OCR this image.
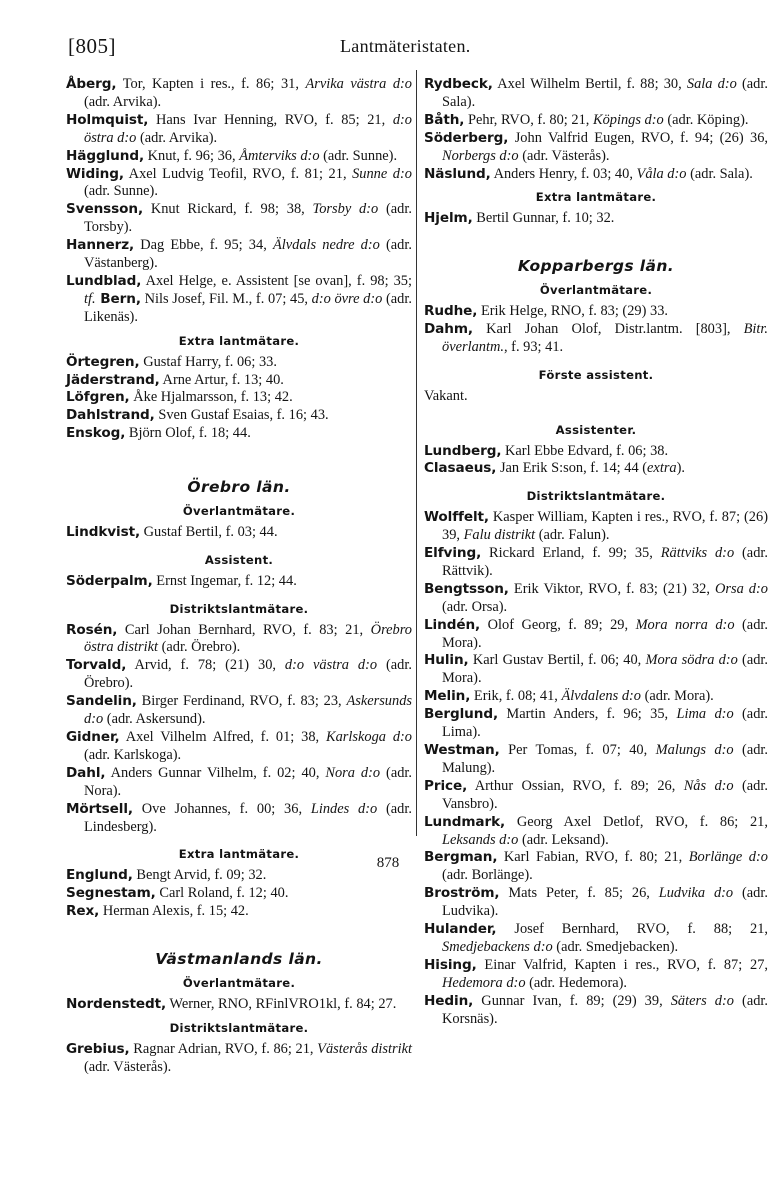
[805]	Lantmäteristaten.
Åberg, Tor, Kapten i res., f. 86; 31, Arvika västra d:o (adr. Arvika).
Holmquist, Hans Ivar Henning, RVO, f. 85; 21, d:o östra d:o (adr. Arvika).
Hägglund, Knut, f. 96; 36, Åmterviks d:o (adr. Sunne).
Widing, Axel Ludvig Teofil, RVO, f. 81; 21, Sunne d:o (adr. Sunne).
Svensson, Knut Rickard, f. 98; 38, Torsby d:o (adr. Torsby).
Hannerz, Dag Ebbe, f. 95; 34, Älvdals nedre d:o (adr. Västanberg).
Lundblad, Axel Helge, e. Assistent [se ovan], f. 98; 35; tf. Bern, Nils Josef, Fil. M., f. 07; 45, d:o övre d:o (adr. Likenäs).
Extra lantmätare.
Örtegren, Gustaf Harry, f. 06; 33.
Jäderstrand, Arne Artur, f. 13; 40.
Löfgren, Åke Hjalmarsson, f. 13; 42.
Dahlstrand, Sven Gustaf Esaias, f. 16; 43.
Enskog, Björn Olof, f. 18; 44.
Örebro län.
Överlantmätare.
Lindkvist, Gustaf Bertil, f. 03; 44.
Assistent.
Söderpalm, Ernst Ingemar, f. 12; 44.
Distriktslantmätare.
Rosén, Carl Johan Bernhard, RVO, f. 83; 21, Örebro östra distrikt (adr. Örebro).
Torvald, Arvid, f. 78; (21) 30, d:o västra d:o (adr. Örebro).
Sandelin, Birger Ferdinand, RVO, f. 83; 23, Askersunds d:o (adr. Askersund).
Gidner, Axel Vilhelm Alfred, f. 01; 38, Karlskoga d:o (adr. Karlskoga).
Dahl, Anders Gunnar Vilhelm, f. 02; 40, Nora d:o (adr. Nora).
Mörtsell, Ove Johannes, f. 00; 36, Lindes d:o (adr. Lindesberg).
Extra lantmätare.
Englund, Bengt Arvid, f. 09; 32.
Segnestam, Carl Roland, f. 12; 40.
Rex, Herman Alexis, f. 15; 42.
Västmanlands län.
Överlantmätare.
Nordenstedt, Werner, RNO, RFinlVRO1kl, f. 84; 27.
Distriktslantmätare.
Grebius, Ragnar Adrian, RVO, f. 86; 21, Västerås distrikt (adr. Västerås).
Rydbeck, Axel Wilhelm Bertil, f. 88; 30, Sala d:o (adr. Sala).
Båth, Pehr, RVO, f. 80; 21, Köpings d:o (adr. Köping).
Söderberg, John Valfrid Eugen, RVO, f. 94; (26) 36, Norbergs d:o (adr. Västerås).
Näslund, Anders Henry, f. 03; 40, Våla d:o (adr. Sala).
Extra lantmätare.
Hjelm, Bertil Gunnar, f. 10; 32.
Kopparbergs län.
Överlantmätare.
Rudhe, Erik Helge, RNO, f. 83; (29) 33.
Dahm, Karl Johan Olof, Distr.lantm. [803], Bitr. överlantm., f. 93; 41.
Förste assistent.
Vakant.
Assistenter.
Lundberg, Karl Ebbe Edvard, f. 06; 38.
Clasaeus, Jan Erik S:son, f. 14; 44 (extra).
Distriktslantmätare.
Wolffelt, Kasper William, Kapten i res., RVO, f. 87; (26) 39, Falu distrikt (adr. Falun).
Elfving, Rickard Erland, f. 99; 35, Rättviks d:o (adr. Rättvik).
Bengtsson, Erik Viktor, RVO, f. 83; (21) 32, Orsa d:o (adr. Orsa).
Lindén, Olof Georg, f. 89; 29, Mora norra d:o (adr. Mora).
Hulin, Karl Gustav Bertil, f. 06; 40, Mora södra d:o (adr. Mora).
Melin, Erik, f. 08; 41, Älvdalens d:o (adr. Mora).
Berglund, Martin Anders, f. 96; 35, Lima d:o (adr. Lima).
Westman, Per Tomas, f. 07; 40, Malungs d:o (adr. Malung).
Price, Arthur Ossian, RVO, f. 89; 26, Nås d:o (adr. Vansbro).
Lundmark, Georg Axel Detlof, RVO, f. 86; 21, Leksands d:o (adr. Leksand).
Bergman, Karl Fabian, RVO, f. 80; 21, Borlänge d:o (adr. Borlänge).
Broström, Mats Peter, f. 85; 26, Ludvika d:o (adr. Ludvika).
Hulander, Josef Bernhard, RVO, f. 88; 21, Smedjebackens d:o (adr. Smedjebacken).
Hising, Einar Valfrid, Kapten i res., RVO, f. 87; 27, Hedemora d:o (adr. Hedemora).
Hedin, Gunnar Ivan, f. 89; (29) 39, Säters d:o (adr. Korsnäs).
878
